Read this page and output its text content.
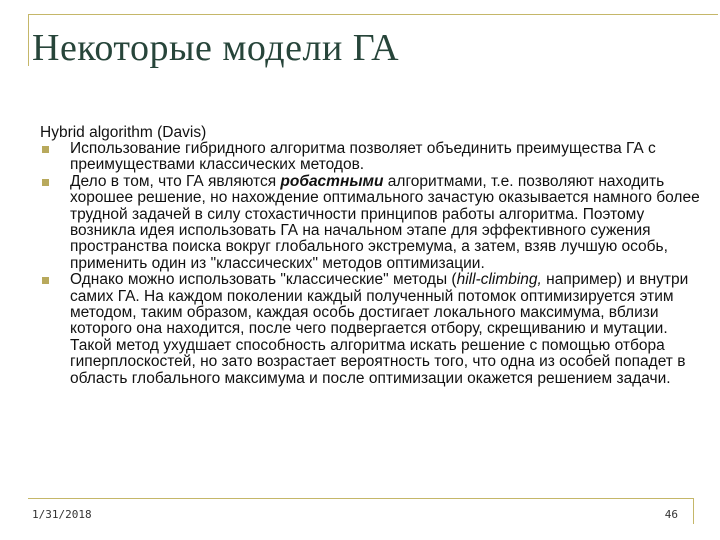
Некоторые модели ГА
Hybrid algorithm (Davis)
Использование гибридного алгоритма позволяет объединить преимущества ГА с преимуществами классических методов.
Дело в том, что ГА являются робастными алгоритмами, т.е. позволяют находить хорошее решение, но нахождение оптимального зачастую оказывается намного более трудной задачей в силу стохастичности принципов работы алгоритма. Поэтому возникла идея использовать ГА на начальном этапе для эффективного сужения пространства поиска вокруг глобального экстремума, а затем, взяв лучшую особь, применить один из "классических" методов оптимизации.
Однако можно использовать "классические" методы (hill-climbing, например) и внутри самих ГА. На каждом поколении каждый полученный потомок оптимизируется этим методом, таким образом, каждая особь достигает локального максимума, вблизи которого она находится, после чего подвергается отбору, скрещиванию и мутации. Такой метод ухудшает способность алгоритма искать решение с помощью отбора гиперплоскостей, но зато возрастает вероятность того, что одна из особей попадет в область глобального максимума и после оптимизации окажется решением задачи.
1/31/2018	46
